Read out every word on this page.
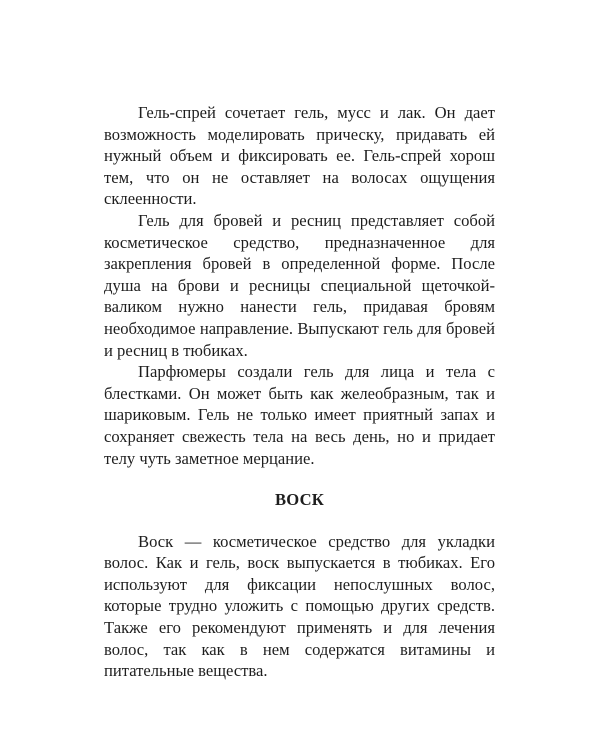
Гель-спрей сочетает гель, мусс и лак. Он дает возможность моделировать прическу, придавать ей нужный объем и фиксировать ее. Гель-спрей хорош тем, что он не оставляет на волосах ощущения склеенности.

Гель для бровей и ресниц представляет собой косметическое средство, предназначенное для закрепления бровей в определенной форме. После душа на брови и ресницы специальной щеточкой-валиком нужно нанести гель, придавая бровям необходимое направление. Выпускают гель для бровей и ресниц в тюбиках.

Парфюмеры создали гель для лица и тела с блестками. Он может быть как желеобразным, так и шариковым. Гель не только имеет приятный запах и сохраняет свежесть тела на весь день, но и придает телу чуть заметное мерцание.

ВОСК

Воск — косметическое средство для укладки волос. Как и гель, воск выпускается в тюбиках. Его используют для фиксации непослушных волос, которые трудно уложить с помощью других средств. Также его рекомендуют применять и для лечения волос, так как в нем содержатся витамины и питательные вещества.
